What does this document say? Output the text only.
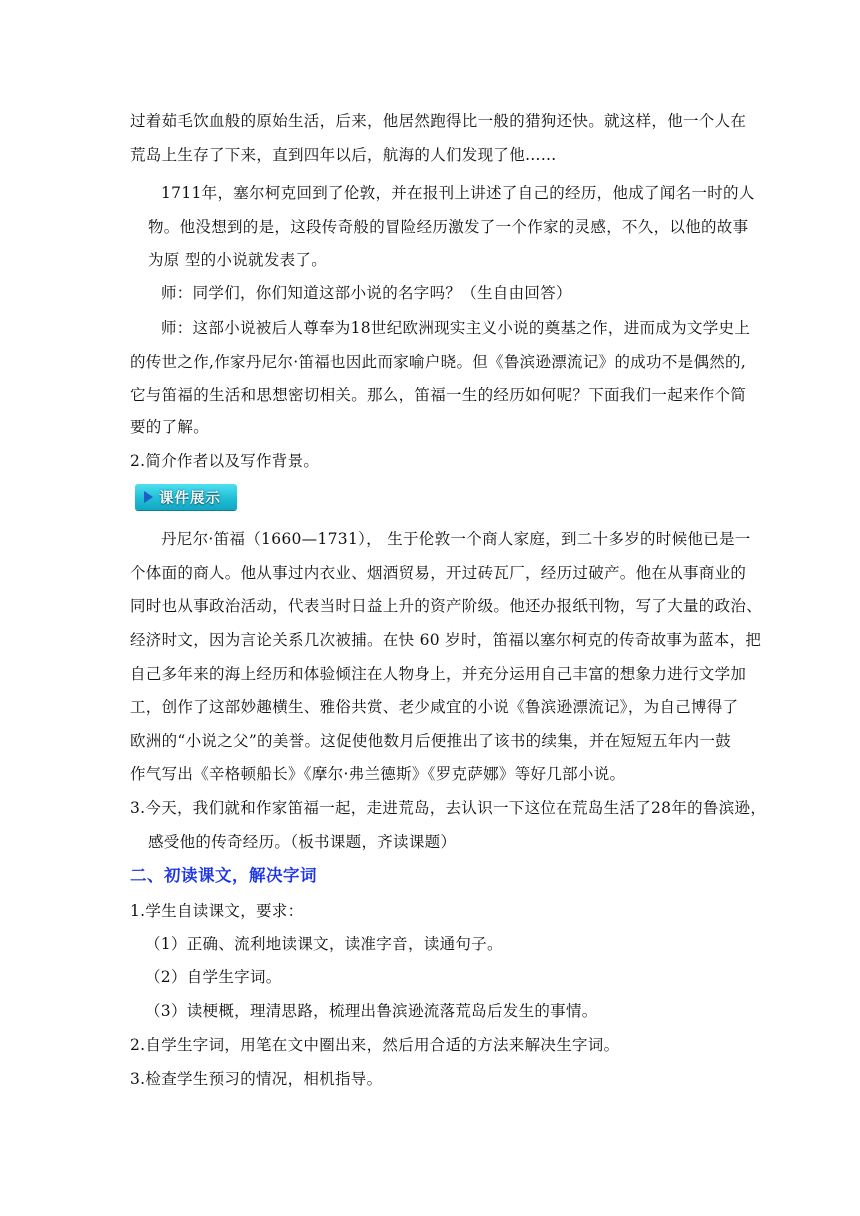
过着茹毛饮血般的原始生活，后来，他居然跑得比一般的猎狗还快。就这样，他一个人在
荒岛上生存了下来，直到四年以后，航海的人们发现了他……
1711年，塞尔柯克回到了伦敦，并在报刊上讲述了自己的经历，他成了闻名一时的人
物。他没想到的是，这段传奇般的冒险经历激发了一个作家的灵感，不久，以他的故事
为原 型的小说就发表了。
师：同学们，你们知道这部小说的名字吗？（生自由回答）
师：这部小说被后人尊奉为18世纪欧洲现实主义小说的奠基之作，进而成为文学史上
的传世之作,作家丹尼尔·笛福也因此而家喻户晓。但《鲁滨逊漂流记》的成功不是偶然的,
它与笛福的生活和思想密切相关。那么，笛福一生的经历如何呢？下面我们一起来作个简
要的了解。
2.简介作者以及写作背景。
课件展示
丹尼尔·笛福（1660—1731）， 生于伦敦一个商人家庭，到二十多岁的时候他已是一
个体面的商人。他从事过内衣业、烟酒贸易，开过砖瓦厂，经历过破产。他在从事商业的
同时也从事政治活动，代表当时日益上升的资产阶级。他还办报纸刊物，写了大量的政治、
经济时文，因为言论关系几次被捕。在快 60 岁时，笛福以塞尔柯克的传奇故事为蓝本，把
自己多年来的海上经历和体验倾注在人物身上，并充分运用自己丰富的想象力进行文学加
工，创作了这部妙趣横生、雅俗共赏、老少咸宜的小说《鲁滨逊漂流记》，为自己博得了
欧洲的“小说之父”的美誉。这促使他数月后便推出了该书的续集，并在短短五年内一鼓
作气写出《辛格顿船长》《摩尔·弗兰德斯》《罗克萨娜》等好几部小说。
3.今天，我们就和作家笛福一起，走进荒岛，去认识一下这位在荒岛生活了28年的鲁滨逊，
感受他的传奇经历。（板书课题，齐读课题）
二、初读课文，解决字词
1.学生自读课文，要求：
（1）正确、流利地读课文，读准字音，读通句子。
（2）自学生字词。
（3）读梗概，理清思路，梳理出鲁滨逊流落荒岛后发生的事情。
2.自学生字词，用笔在文中圈出来，然后用合适的方法来解决生字词。
3.检查学生预习的情况，相机指导。
